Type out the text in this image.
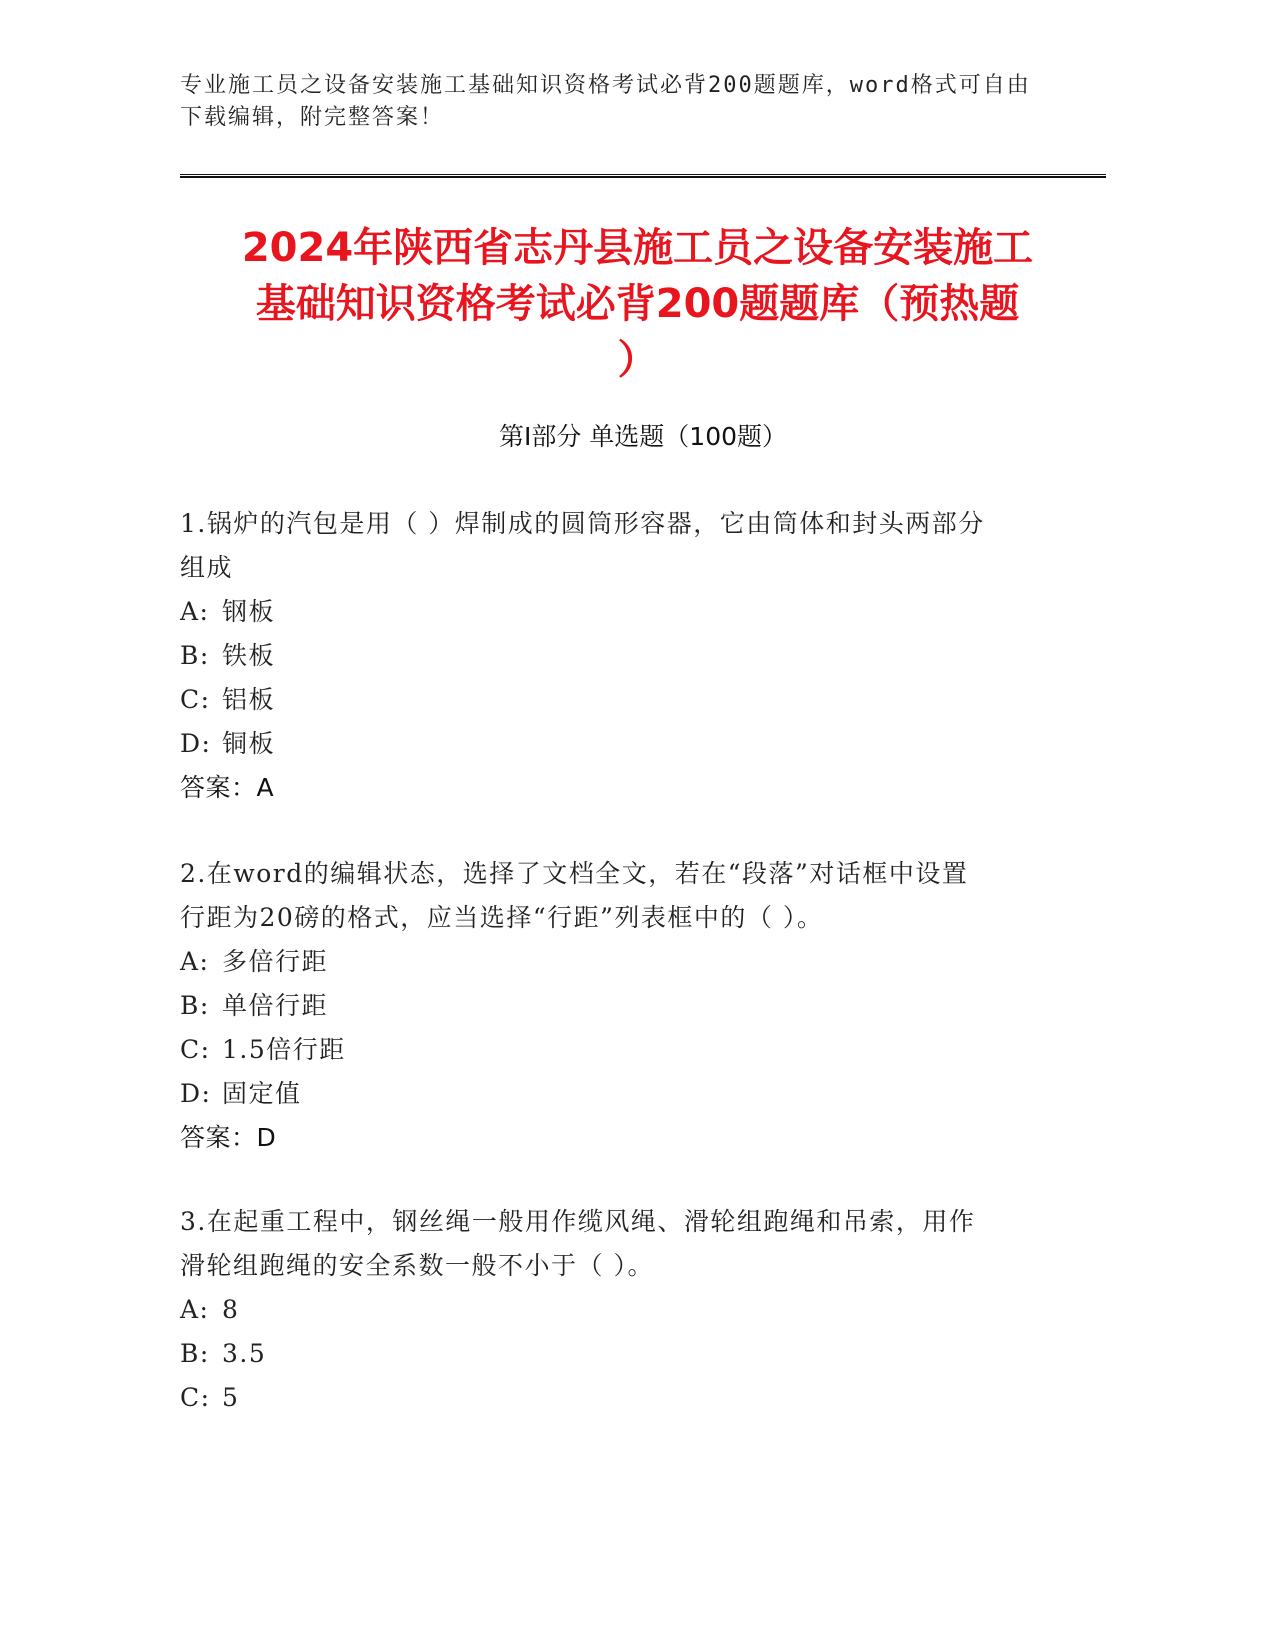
专业施工员之设备安装施工基础知识资格考试必背200题题库，word格式可自由
下载编辑，附完整答案！
2024年陕西省志丹县施工员之设备安装施工
基础知识资格考试必背200题题库（预热题
）
第Ⅰ部分 单选题（100题）

1.锅炉的汽包是用（ ）焊制成的圆筒形容器，它由筒体和封头两部分

组成

A: 钢板

B: 铁板

C: 铝板

D: 铜板

答案：A

2.在word的编辑状态，选择了文档全文，若在“段落”对话框中设置

行距为20磅的格式，应当选择“行距”列表框中的（ ）。

A: 多倍行距

B: 单倍行距

C: 1.5倍行距

D: 固定值

答案：D

3.在起重工程中，钢丝绳一般用作缆风绳、滑轮组跑绳和吊索，用作

滑轮组跑绳的安全系数一般不小于（ ）。

A: 8

B: 3.5

C: 5
